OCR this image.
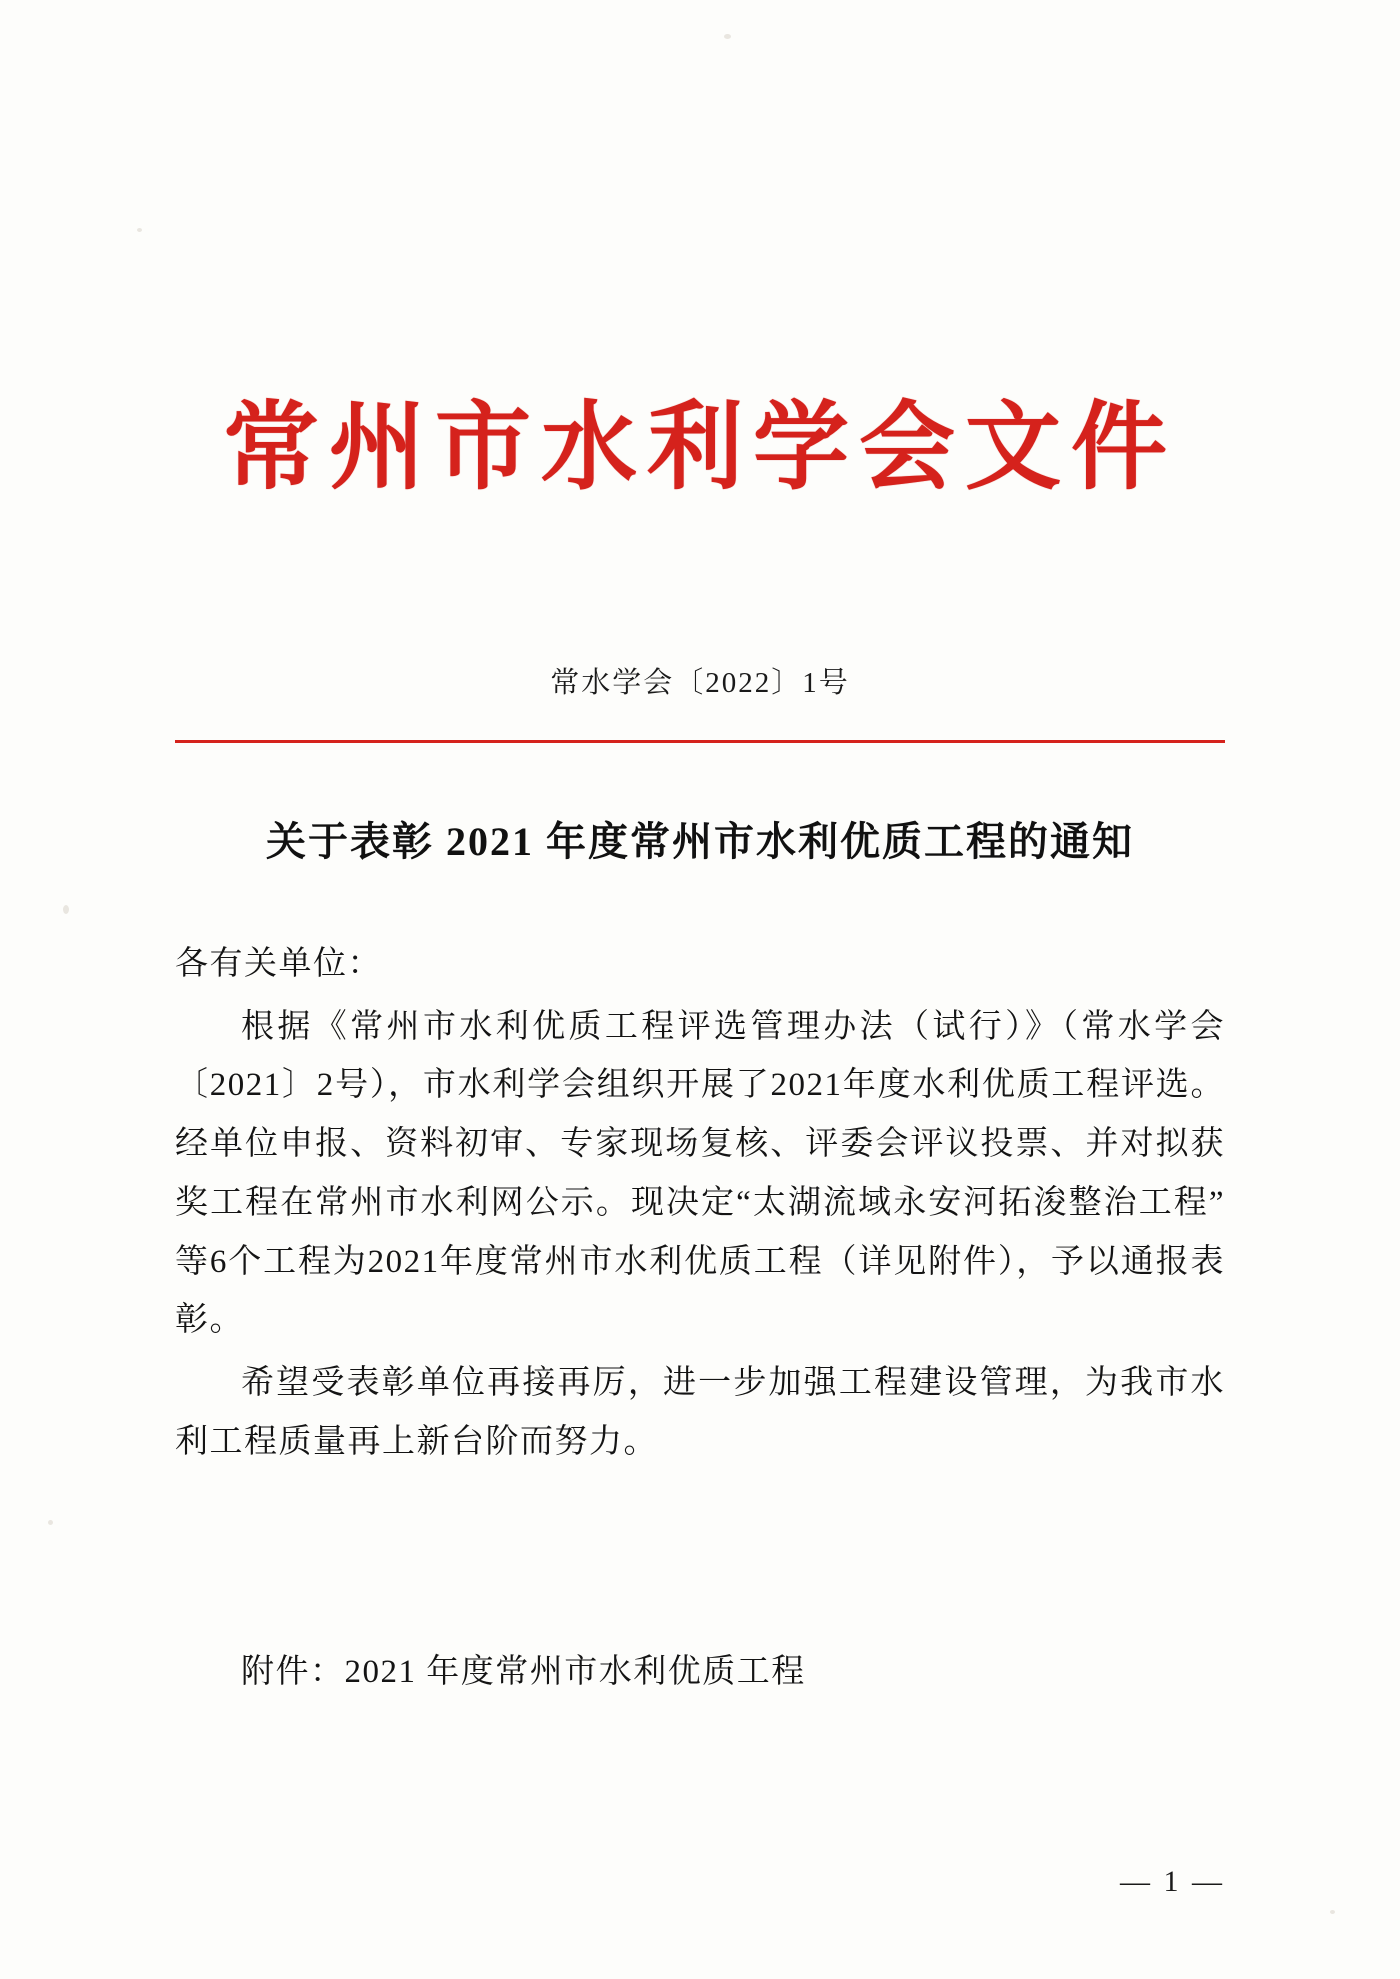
常州市水利学会文件
常水学会〔2022〕1号
关于表彰 2021 年度常州市水利优质工程的通知

各有关单位：

根据《常州市水利优质工程评选管理办法（试行）》（常水学会〔2021〕2号），市水利学会组织开展了2021年度水利优质工程评选。经单位申报、资料初审、专家现场复核、评委会评议投票、并对拟获奖工程在常州市水利网公示。现决定“太湖流域永安河拓浚整治工程”等6个工程为2021年度常州市水利优质工程（详见附件），予以通报表彰。

希望受表彰单位再接再厉，进一步加强工程建设管理，为我市水利工程质量再上新台阶而努力。

附件：2021 年度常州市水利优质工程
— 1 —
